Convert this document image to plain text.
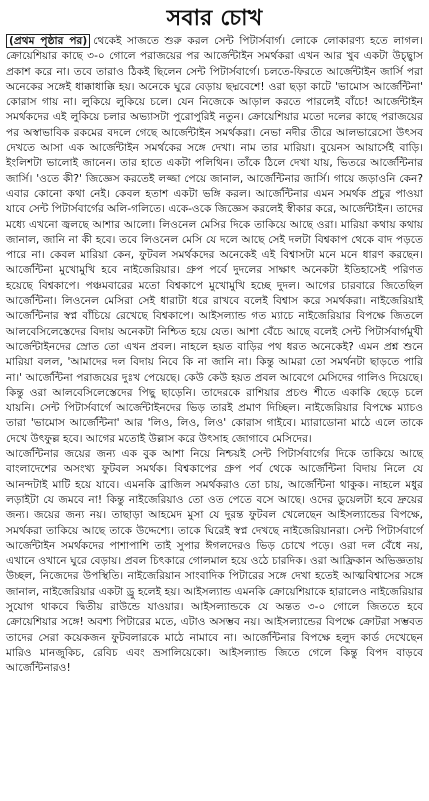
সবার চোখ

(প্রথম পৃষ্ঠার পর) থেকেই সাজতে শুরু করল সেন্ট পিটার্সবার্গ। লোকে লোকারণ্য হতে লাগল। ক্রোয়েশিয়ার কাছে ৩-০ গোলে পরাজয়ের পর আর্জেন্টাইন সমর্থকরা এখন আর খুব একটা উচ্ছ্বাস প্রকাশ করে না। তবে তারাও ঠিকই ছিলেন সেন্ট পিটার্সবার্গে। চলতে-ফিরতে আর্জেন্টাইন জার্সি পরা অনেকের সঙ্গেই ধাক্কাধাক্কি হয়। অনেকে ঘুরে বেড়ায় ছদ্মবেশে! ওরা ছড়া কাটে 'ভামোস আর্জেন্টিনা' কোরাস গায় না। লুকিয়ে লুকিয়ে চলে। যেন নিজেকে আড়াল করতে পারলেই বাঁচে! আর্জেন্টাইন সমর্থকদের এই লুকিয়ে চলার অভ্যাসটা পুরোপুরিই নতুন। ক্রোয়েশিয়ার মতো দলের কাছে পরাজয়ের পর অস্বাভাবিক রকমের বদলে গেছে আর্জেন্টাইন সমর্থকরা। নেভা নদীর তীরে আলভারেসো উৎসব দেখতে আসা এক আর্জেন্টাইন সমর্থকের সঙ্গে দেখা। নাম তার মারিয়া। বুয়েনস আয়ার্সেই বাড়ি। ইংলিশটা ভালোই জানেন। তার হাতে একটা পলিথিন। তাঁকে ঠিলে দেখা যায়, ভিতরে আর্জেন্টিনার জার্সি। 'ওতে কী?' জিজ্ঞেস করতেই লজ্জা পেয়ে জানাল, আর্জেন্টিনার জার্সি। গায়ে জড়াওনি কেন? এবার কোনো কথা নেই। কেবল হতাশ একটা ভঙ্গি করল। আর্জেন্টিনার এমন সমর্থক প্রচুর পাওয়া যাবে সেন্ট পিটার্সবার্গের অলি-গলিতে। একে-ওকে জিজ্ঞেস করলেই স্বীকার করে, আর্জেন্টাইন। তাদের মধ্যে এখনো জ্বলছে আশার আলো। লিওনেল মেসির দিকে তাকিয়ে আছে ওরা। মারিয়া কথায় কথায় জানাল, জানি না কী হবে। তবে লিওনেল মেসি যে দলে আছে সেই দলটা বিশ্বকাপ থেকে বাদ পড়তে পারে না। কেবল মারিয়া কেন, ফুটবল সমর্থকদের অনেকেই এই বিশ্বাসটা মনে মনে ধারণ করছেন। আর্জেন্টিনা মুখোমুখি হবে নাইজেরিয়ার। গ্রুপ পর্বে দুদলের সাক্ষাৎ অনেকটা ইতিহাসেই পরিণত হয়েছে বিশ্বকাপে। পঞ্চমবারের মতো বিশ্বকাপে মুখোমুখি হচ্ছে দুদল। আগের চারবারে জিতেছিল আর্জেন্টিনা। লিওনেল মেসিরা সেই ধারাটা ধরে রাখবে বলেই বিশ্বাস করে সমর্থকরা। নাইজেরিয়াই আর্জেন্টিনার স্বপ্ন বাঁচিয়ে রেখেছে বিশ্বকাপে। আইসল্যান্ড গত ম্যাচে নাইজেরিয়ার বিপক্ষে জিতলে আলবেসিলেস্তেদের বিদায় অনেকটা নিশ্চিত হয়ে যেত। আশা বেঁচে আছে বলেই সেন্ট পিটার্সবার্গমুখী আর্জেন্টাইনদের স্রোত তো এখন প্রবল। নাহলে হয়ত বাড়ির পথ ধরত অনেকেই? এমন প্রশ্ন শুনে মারিয়া বলল, 'আমাদের দল বিদায় নিবে কি না জানি না। কিন্তু আমরা তো সমর্থনটা ছাড়তে পারি না।' আর্জেন্টিনা পরাজয়ের দুঃখ পেয়েছে। কেউ কেউ হয়ত প্রবল আবেগে মেসিদের গালিও দিয়েছে। কিন্তু ওরা আলবেসিলেস্তেদের পিছু ছাড়েনি। তাদেরকে রাশিয়ার প্রচণ্ড শীতে একাকি ছেড়ে চলে যায়নি। সেন্ট পিটার্সবার্গে আর্জেন্টাইনদের ভিড় তারই প্রমাণ দিচ্ছিল। নাইজেরিয়ার বিপক্ষে ম্যাচও তারা 'ভামোস আর্জেন্টিনা' আর 'লিও, লিও, লিও' কোরাস গাইবে। ম্যারাডোনা মাঠে এলে তাকে দেখে উৎফুল্ল হবে। আগের মতোই উল্লাস করে উৎসাহ জোগাবে মেসিদের।

আর্জেন্টিনার জয়ের জন্য এক বুক আশা নিয়ে নিশ্চয়ই সেন্ট পিটার্সবার্গের দিকে তাকিয়ে আছে বাংলাদেশের অসংখ্য ফুটবল সমর্থক। বিশ্বকাপের গ্রুপ পর্ব থেকে আর্জেন্টিনা বিদায় নিলে যে আনন্দটাই মাটি হয়ে যাবে। এমনকি ব্রাজিল সমর্থকরাও তো চায়, আর্জেন্টিনা থাকুক। নাহলে মধুর লড়াইটা যে জমবে না! কিন্তু নাইজেরিয়াও তো ওত পেতে বসে আছে। ওদের ডুয়েলটা হবে দ্রুয়ের জন্য। জয়ের জন্য নয়। তাছাড়া আহমেদ মুসা যে দুরন্ত ফুটবল খেলেছেন আইসল্যান্ডের বিপক্ষে, সমর্থকরা তাকিয়ে আছে তাকে উদ্দেশ্যে। তাকে ঘিরেই স্বপ্ন দেখছে নাইজেরিয়ানরা। সেন্ট পিটার্সবার্গে আর্জেন্টাইন সমর্থকদের পাশাপাশি তাই সুপার ঈগলদেরও ভিড় চোখে পড়ে। ওরা দল বেঁধে নয়, এখানে ওখানে ঘুরে বেড়ায়। প্রবল চিৎকারে গোলমাল হয়ে ওঠে চারদিক। ওরা আফ্রিকান অভিজ্ঞতায় উচ্ছল, নিজেদের উপস্থিতি। নাইজেরিয়ান সাংবাদিক পিটারের সঙ্গে দেখা হতেই আত্মবিশ্বাসের সঙ্গে জানাল, নাইজেরিয়ার একটা ড্রু হলেই হয়। আইসল্যান্ড এমনকি ক্রোয়েশিয়াকে হারালেও নাইজেরিয়ার সুযোগ থাকবে দ্বিতীয় রাউন্ডে যাওয়ার। আইসল্যান্ডকে যে অন্তত ৩-০ গোলে জিততে হবে ক্রোয়েশিয়ার সঙ্গে! অবশ্য পিটারের মতে, এটাও অসম্ভব নয়। আইসল্যান্ডের বিপক্ষে ক্রোটরা সম্ভবত তাদের সেরা কয়েকজন ফুটবলারকে মাঠে নামাবে না। আর্জেন্টিনার বিপক্ষে হলুদ কার্ড দেখেছেন মারিও মানজুকিচ, রেবিচ এবং ভ্রসালিয়েকো। আইসল্যান্ড জিতে গেলে কিন্তু বিপদ বাড়বে আর্জেন্টিনারও!
